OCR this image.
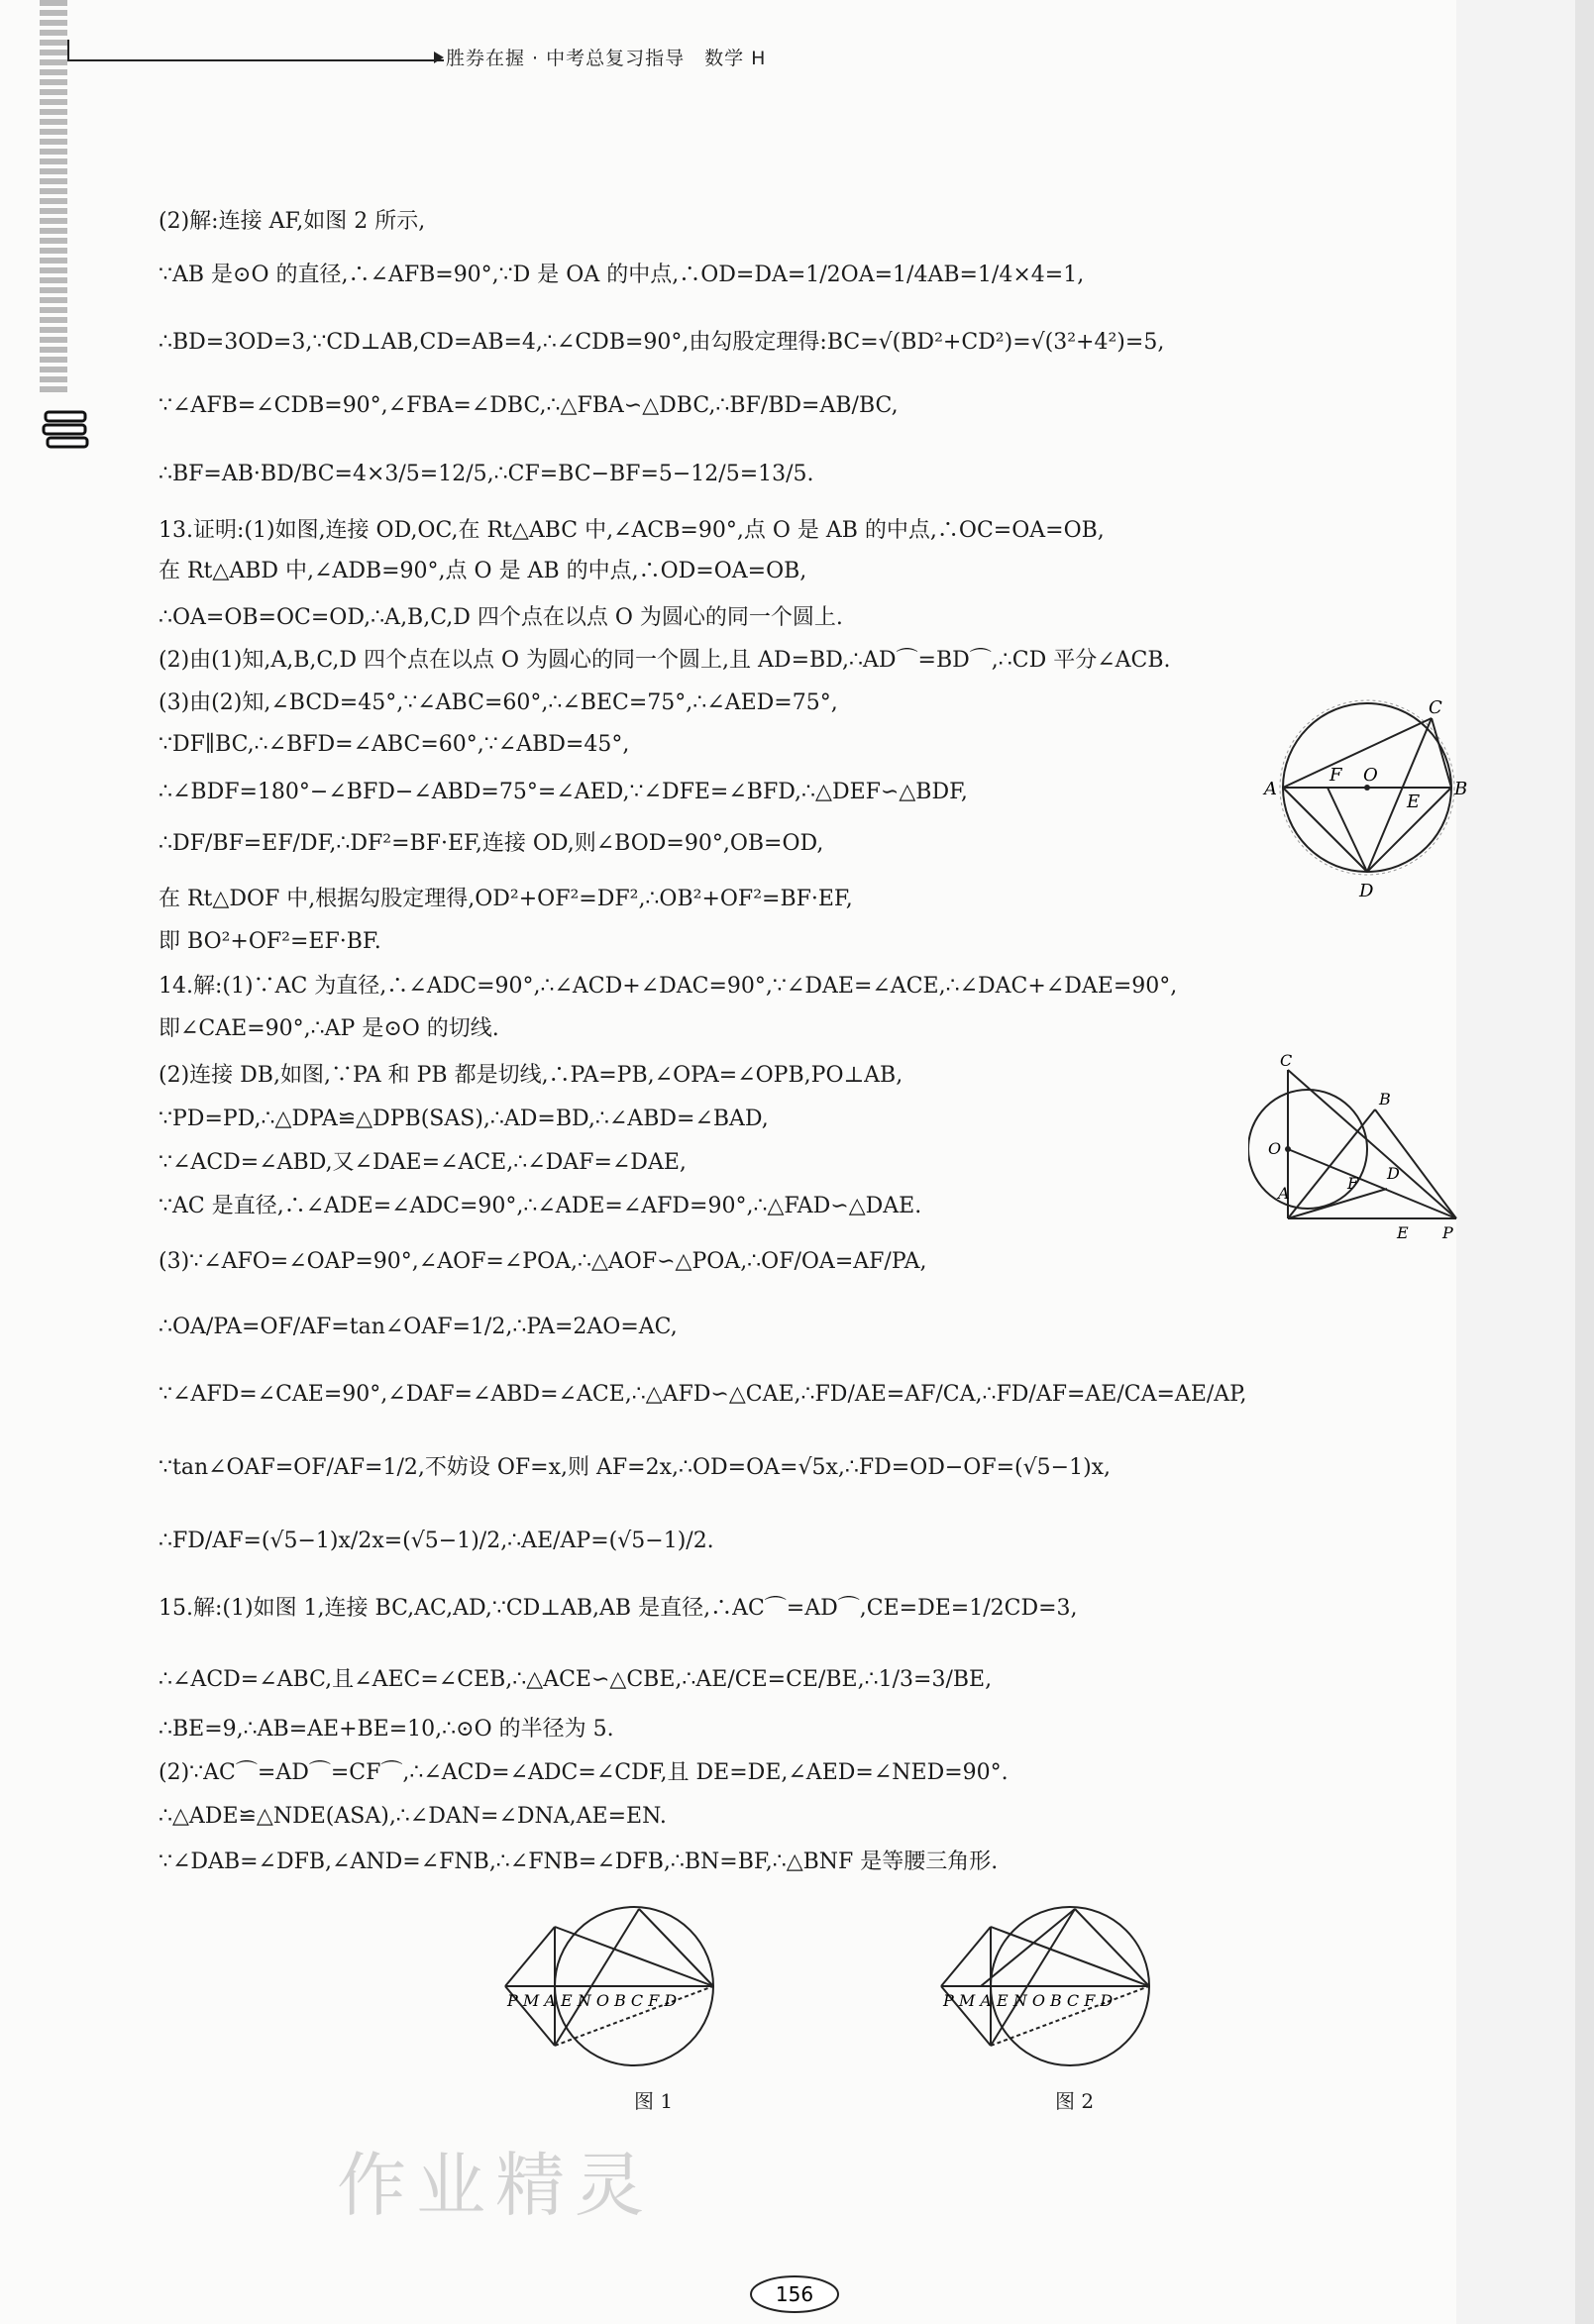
胜券在握 · 中考总复习指导　数学 H
(2)解:连接 AF,如图 2 所示,
∵AB 是⊙O 的直径,∴∠AFB=90°,∵D 是 OA 的中点,∴OD=DA=1/2OA=1/4AB=1/4×4=1,
∴BD=3OD=3,∵CD⊥AB,CD=AB=4,∴∠CDB=90°,由勾股定理得:BC=√(BD²+CD²)=√(3²+4²)=5,
∵∠AFB=∠CDB=90°,∠FBA=∠DBC,∴△FBA∽△DBC,∴BF/BD=AB/BC,
∴BF=AB·BD/BC=4×3/5=12/5,∴CF=BC−BF=5−12/5=13/5.
13.证明:(1)如图,连接 OD,OC,在 Rt△ABC 中,∠ACB=90°,点 O 是 AB 的中点,∴OC=OA=OB,
在 Rt△ABD 中,∠ADB=90°,点 O 是 AB 的中点,∴OD=OA=OB,
∴OA=OB=OC=OD,∴A,B,C,D 四个点在以点 O 为圆心的同一个圆上.
(2)由(1)知,A,B,C,D 四个点在以点 O 为圆心的同一个圆上,且 AD=BD,∴AD⌒=BD⌒,∴CD 平分∠ACB.
(3)由(2)知,∠BCD=45°,∵∠ABC=60°,∴∠BEC=75°,∴∠AED=75°,
∵DF∥BC,∴∠BFD=∠ABC=60°,∵∠ABD=45°,
∴∠BDF=180°−∠BFD−∠ABD=75°=∠AED,∵∠DFE=∠BFD,∴△DEF∽△BDF,
∴DF/BF=EF/DF,∴DF²=BF·EF,连接 OD,则∠BOD=90°,OB=OD,
在 Rt△DOF 中,根据勾股定理得,OD²+OF²=DF²,∴OB²+OF²=BF·EF,
即 BO²+OF²=EF·BF.
14.解:(1)∵AC 为直径,∴∠ADC=90°,∴∠ACD+∠DAC=90°,∵∠DAE=∠ACE,∴∠DAC+∠DAE=90°,
即∠CAE=90°,∴AP 是⊙O 的切线.
(2)连接 DB,如图,∵PA 和 PB 都是切线,∴PA=PB,∠OPA=∠OPB,PO⊥AB,
∵PD=PD,∴△DPA≌△DPB(SAS),∴AD=BD,∴∠ABD=∠BAD,
∵∠ACD=∠ABD,又∠DAE=∠ACE,∴∠DAF=∠DAE,
∵AC 是直径,∴∠ADE=∠ADC=90°,∴∠ADE=∠AFD=90°,∴△FAD∽△DAE.
(3)∵∠AFO=∠OAP=90°,∠AOF=∠POA,∴△AOF∽△POA,∴OF/OA=AF/PA,
∴OA/PA=OF/AF=tan∠OAF=1/2,∴PA=2AO=AC,
∵∠AFD=∠CAE=90°,∠DAF=∠ABD=∠ACE,∴△AFD∽△CAE,∴FD/AE=AF/CA,∴FD/AF=AE/CA=AE/AP,
∵tan∠OAF=OF/AF=1/2,不妨设 OF=x,则 AF=2x,∴OD=OA=√5x,∴FD=OD−OF=(√5−1)x,
∴FD/AF=(√5−1)x/2x=(√5−1)/2,∴AE/AP=(√5−1)/2.
15.解:(1)如图 1,连接 BC,AC,AD,∵CD⊥AB,AB 是直径,∴AC⌒=AD⌒,CE=DE=1/2CD=3,
∴∠ACD=∠ABC,且∠AEC=∠CEB,∴△ACE∽△CBE,∴AE/CE=CE/BE,∴1/3=3/BE,
∴BE=9,∴AB=AE+BE=10,∴⊙O 的半径为 5.
(2)∵AC⌒=AD⌒=CF⌒,∴∠ACD=∠ADC=∠CDF,且 DE=DE,∠AED=∠NED=90°.
∴△ADE≌△NDE(ASA),∴∠DAN=∠DNA,AE=EN.
∵∠DAB=∠DFB,∠AND=∠FNB,∴∠FNB=∠DFB,∴BN=BF,∴△BNF 是等腰三角形.
A	B
C
D
E
F O
A
B
C
D
E
F
O
P
P M A E N O B C F D
图 1
P M A E N O B C F D
图 2
作业精灵
156
